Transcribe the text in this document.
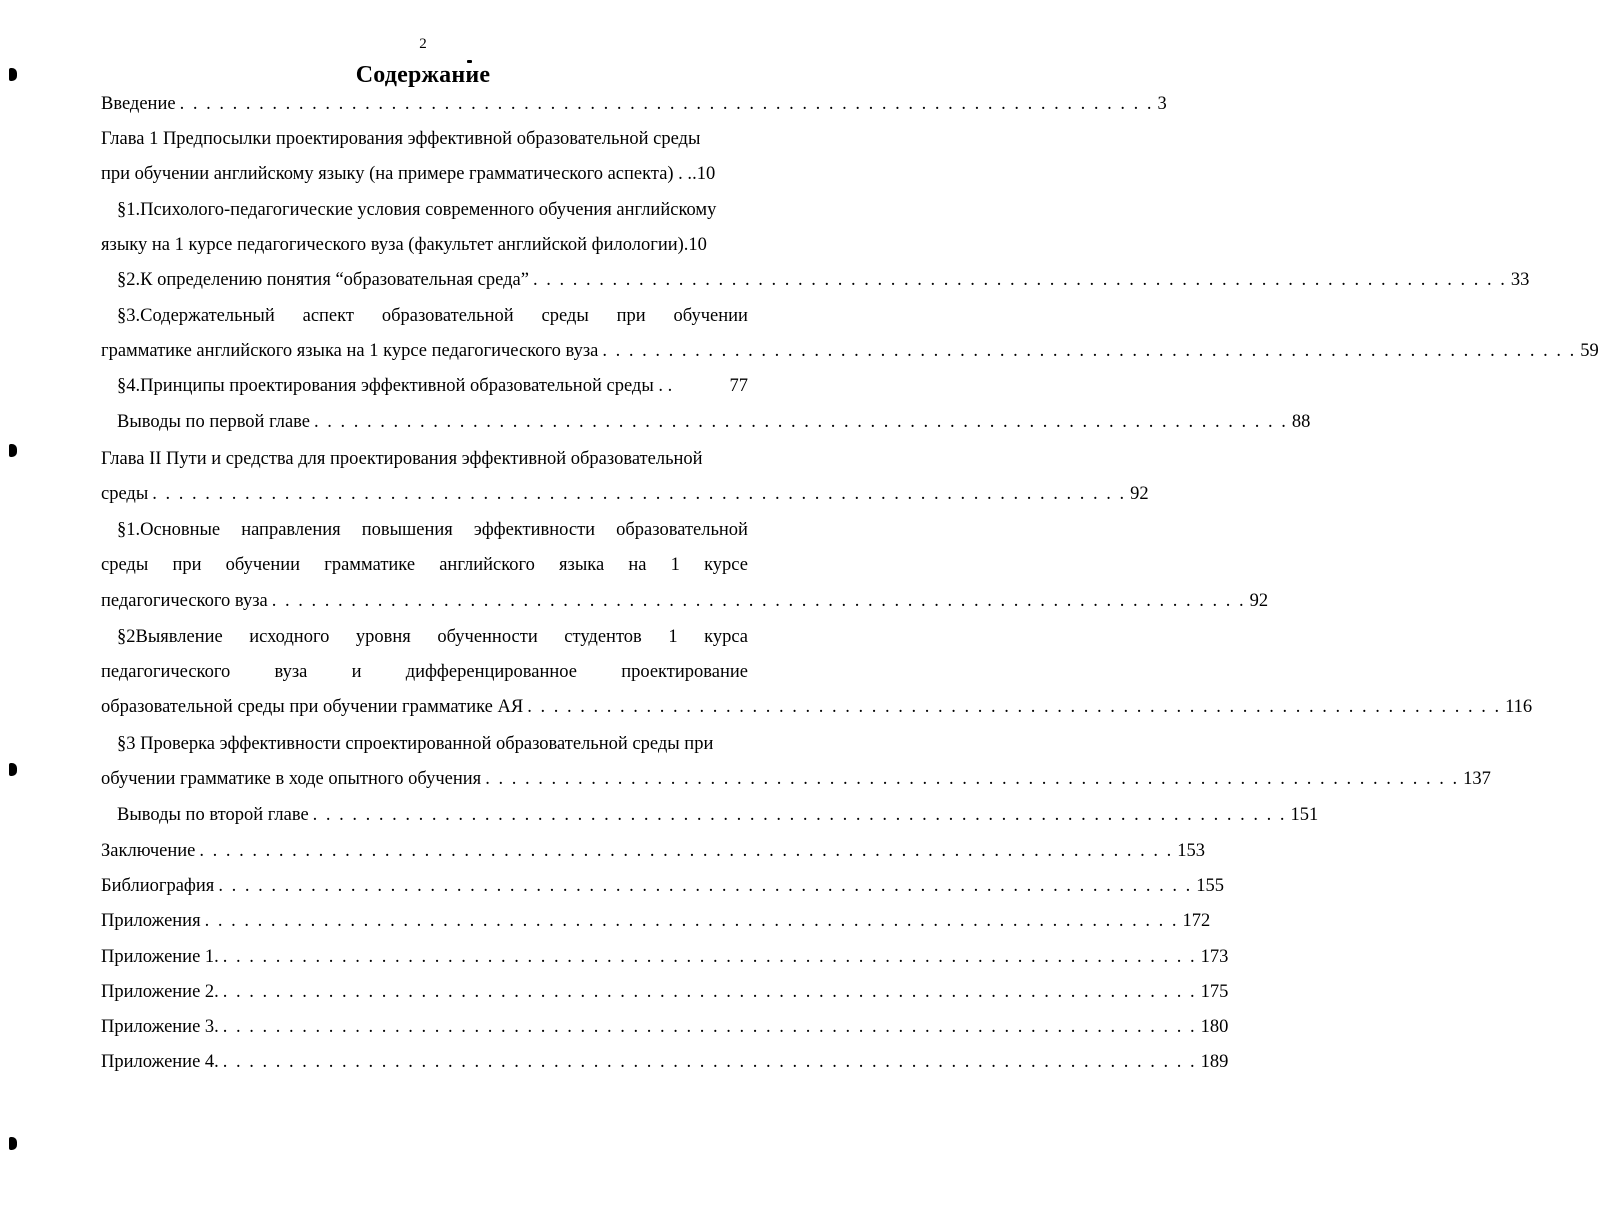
2
Содержание
Введение . . . . . . . . . . . . . . . . . . . . . . . . . . . . . . . . . . . . . . . . . . . . . . . . . . . . . . . . . . . . . . . . . . . . . . . . . . 3
Глава 1 Предпосылки проектирования эффективной образовательной среды
при обучении английскому языку (на примере грамматического аспекта) . . .10
§1.Психолого-педагогические условия современного обучения английскому
языку на 1 курсе педагогического вуза (факультет английской филологии) .10
§2.К определению понятия “образовательная среда” . . . . . . . . . . . . . . . . . . . . . . . . . . . . . . . . . . . . . . . . . . . . . . . . . . . . . . . . . . . . . . . . . . . . . . . . . . 33
§3.Содержательный аспект образовательной среды при обучении
грамматике английского языка на 1 курсе педагогического вуза . . . . . . . . . . . . . . . . . . . . . . . . . . . . . . . . . . . . . . . . . . . . . . . . . . . . . . . . . . . . . . . . . . . . . . . . . . 59
§4.Принципы проектирования эффективной образовательной среды . .	77
Выводы по первой главе . . . . . . . . . . . . . . . . . . . . . . . . . . . . . . . . . . . . . . . . . . . . . . . . . . . . . . . . . . . . . . . . . . . . . . . . . . 88
Глава II Пути и средства для проектирования эффективной образовательной
среды . . . . . . . . . . . . . . . . . . . . . . . . . . . . . . . . . . . . . . . . . . . . . . . . . . . . . . . . . . . . . . . . . . . . . . . . . . 92
§1.Основные направления повышения эффективности образовательной
среды при обучении грамматике английского языка на 1 курсе
педагогического вуза . . . . . . . . . . . . . . . . . . . . . . . . . . . . . . . . . . . . . . . . . . . . . . . . . . . . . . . . . . . . . . . . . . . . . . . . . . 92
§2Выявление исходного уровня обученности студентов 1 курса
педагогического вуза и дифференцированное проектирование
образовательной среды при обучении грамматике АЯ . . . . . . . . . . . . . . . . . . . . . . . . . . . . . . . . . . . . . . . . . . . . . . . . . . . . . . . . . . . . . . . . . . . . . . . . . . 116
§3 Проверка эффективности спроектированной образовательной среды при
обучении грамматике в ходе опытного обучения . . . . . . . . . . . . . . . . . . . . . . . . . . . . . . . . . . . . . . . . . . . . . . . . . . . . . . . . . . . . . . . . . . . . . . . . . . 137
Выводы по второй главе . . . . . . . . . . . . . . . . . . . . . . . . . . . . . . . . . . . . . . . . . . . . . . . . . . . . . . . . . . . . . . . . . . . . . . . . . . 151
Заключение . . . . . . . . . . . . . . . . . . . . . . . . . . . . . . . . . . . . . . . . . . . . . . . . . . . . . . . . . . . . . . . . . . . . . . . . . . 153
Библиография . . . . . . . . . . . . . . . . . . . . . . . . . . . . . . . . . . . . . . . . . . . . . . . . . . . . . . . . . . . . . . . . . . . . . . . . . . 155
Приложения . . . . . . . . . . . . . . . . . . . . . . . . . . . . . . . . . . . . . . . . . . . . . . . . . . . . . . . . . . . . . . . . . . . . . . . . . . 172
Приложение 1. . . . . . . . . . . . . . . . . . . . . . . . . . . . . . . . . . . . . . . . . . . . . . . . . . . . . . . . . . . . . . . . . . . . . . . . . . . 173
Приложение 2. . . . . . . . . . . . . . . . . . . . . . . . . . . . . . . . . . . . . . . . . . . . . . . . . . . . . . . . . . . . . . . . . . . . . . . . . . . 175
Приложение 3. . . . . . . . . . . . . . . . . . . . . . . . . . . . . . . . . . . . . . . . . . . . . . . . . . . . . . . . . . . . . . . . . . . . . . . . . . . 180
Приложение 4. . . . . . . . . . . . . . . . . . . . . . . . . . . . . . . . . . . . . . . . . . . . . . . . . . . . . . . . . . . . . . . . . . . . . . . . . . . 189
